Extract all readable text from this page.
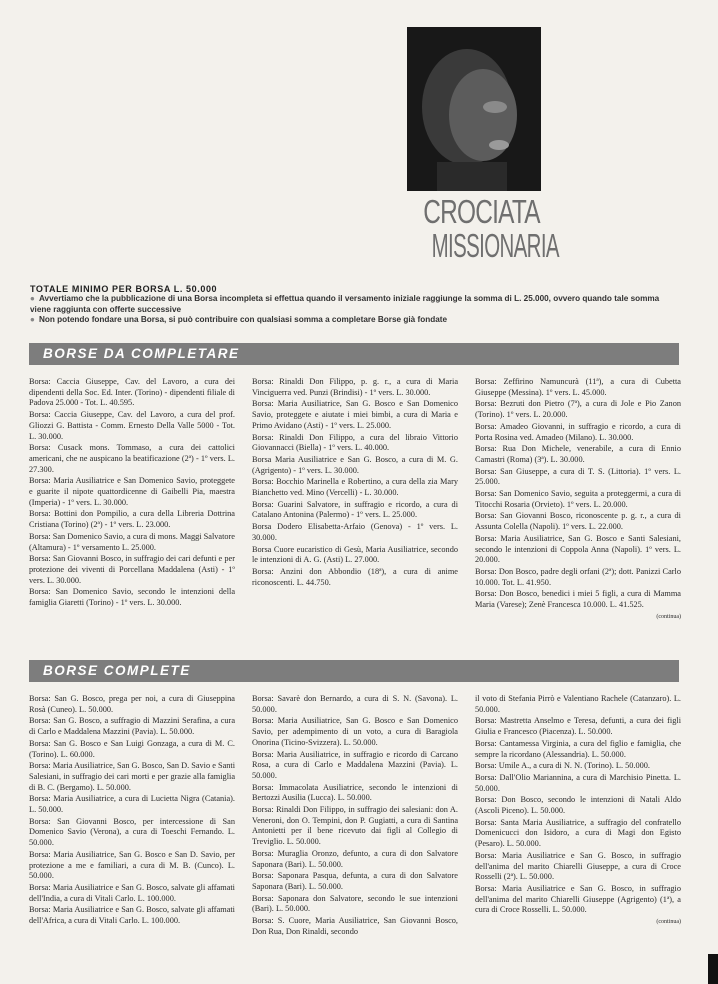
CROCIATA
MISSIONARIA
TOTALE MINIMO PER BORSA L. 50.000
● Avvertiamo che la pubblicazione di una Borsa incompleta si effettua quando il versamento iniziale raggiunge la somma di L. 25.000, ovvero quando tale somma viene raggiunta con offerte successive
● Non potendo fondare una Borsa, si può contribuire con qualsiasi somma a completare Borse già fondate
BORSE DA COMPLETARE

Borsa: Caccia Giuseppe, Cav. del Lavoro, a cura dei dipendenti della Soc. Ed. Inter. (Torino) - dipendenti filiale di Padova 25.000 - Tot. L. 40.595.

Borsa: Caccia Giuseppe, Cav. del Lavoro, a cura del prof. Gliozzi G. Battista - Comm. Ernesto Della Valle 5000 - Tot. L. 30.000.

Borsa: Cusack mons. Tommaso, a cura dei cattolici americani, che ne auspicano la beatificazione (2ª) - 1º vers. L. 27.300.

Borsa: Maria Ausiliatrice e San Domenico Savio, proteggete e guarite il nipote quattordicenne di Gaibelli Pia, maestra (Imperia) - 1º vers. L. 30.000.

Borsa: Bottini don Pompilio, a cura della Libreria Dottrina Cristiana (Torino) (2ª) - 1º vers. L. 23.000.

Borsa: San Domenico Savio, a cura di mons. Maggi Salvatore (Altamura) - 1º versamento L. 25.000.

Borsa: San Giovanni Bosco, in suffragio dei cari defunti e per protezione dei viventi di Porcellana Maddalena (Asti) - 1º vers. L. 30.000.

Borsa: San Domenico Savio, secondo le intenzioni della famiglia Giaretti (Torino) - 1º vers. L. 30.000.

Borsa: Rinaldi Don Filippo, p. g. r., a cura di Maria Vinciguerra ved. Punzi (Brindisi) - 1º vers. L. 30.000.

Borsa: Maria Ausiliatrice, San G. Bosco e San Domenico Savio, proteggete e aiutate i miei bimbi, a cura di Maria e Primo Avidano (Asti) - 1º vers. L. 25.000.

Borsa: Rinaldi Don Filippo, a cura del libraio Vittorio Giovannacci (Biella) - 1º vers. L. 40.000.

Borsa Maria Ausiliatrice e San G. Bosco, a cura di M. G. (Agrigento) - 1º vers. L. 30.000.

Borsa: Bocchio Marinella e Robertino, a cura della zia Mary Bianchetto ved. Mino (Vercelli) - L. 30.000.

Borsa: Guarini Salvatore, in suffragio e ricordo, a cura di Catalano Antonina (Palermo) - 1º vers. L. 25.000.

Borsa Dodero Elisabetta-Arfaio (Genova) - 1º vers. L. 30.000.

Borsa Cuore eucaristico di Gesù, Maria Ausiliatrice, secondo le intenzioni di A. G. (Asti) L. 27.000.

Borsa: Anzini don Abbondio (18ª), a cura di anime riconoscenti. L. 44.750.

Borsa: Zeffirino Namuncurà (11ª), a cura di Cubetta Giuseppe (Messina). 1º vers. L. 45.000.

Borsa: Bezruti don Pietro (7ª), a cura di Jole e Pio Zanon (Torino). 1º vers. L. 20.000.

Borsa: Amadeo Giovanni, in suffragio e ricordo, a cura di Porta Rosina ved. Amadeo (Milano). L. 30.000.

Borsa: Rua Don Michele, venerabile, a cura di Ennio Camastri (Roma) (3ª). L. 30.000.

Borsa: San Giuseppe, a cura di T. S. (Littoria). 1º vers. L. 25.000.

Borsa: San Domenico Savio, seguita a proteggermi, a cura di Titocchi Rosaria (Orvieto). 1º vers. L. 20.000.

Borsa: San Giovanni Bosco, riconoscente p. g. r., a cura di Assunta Colella (Napoli). 1º vers. L. 22.000.

Borsa: Maria Ausiliatrice, San G. Bosco e Santi Salesiani, secondo le intenzioni di Coppola Anna (Napoli). 1º vers. L. 20.000.

Borsa: Don Bosco, padre degli orfani (2ª); dott. Panizzi Carlo 10.000. Tot. L. 41.950.

Borsa: Don Bosco, benedici i miei 5 figli, a cura di Mamma Maria (Varese); Zenè Francesca 10.000. L. 41.525.

(continua)

BORSE COMPLETE

Borsa: San G. Bosco, prega per noi, a cura di Giuseppina Rosà (Cuneo). L. 50.000.

Borsa: San G. Bosco, a suffragio di Mazzini Serafina, a cura di Carlo e Maddalena Mazzini (Pavia). L. 50.000.

Borsa: San G. Bosco e San Luigi Gonzaga, a cura di M. C. (Torino). L. 60.000.

Borsa: Maria Ausiliatrice, San G. Bosco, San D. Savio e Santi Salesiani, in suffragio dei cari morti e per grazie alla famiglia di B. C. (Bergamo). L. 50.000.

Borsa: Maria Ausiliatrice, a cura di Lucietta Nigra (Catania). L. 50.000.

Borsa: San Giovanni Bosco, per intercessione di San Domenico Savio (Verona), a cura di Toeschi Fernando. L. 50.000.

Borsa: Maria Ausiliatrice, San G. Bosco e San D. Savio, per protezione a me e familiari, a cura di M. B. (Cunco). L. 50.000.

Borsa: Maria Ausiliatrice e San G. Bosco, salvate gli affamati dell'India, a cura di Vitali Carlo. L. 100.000.

Borsa: Maria Ausiliatrice e San G. Bosco, salvate gli affamati dell'Africa, a cura di Vitali Carlo. L. 100.000.

Borsa: Savarè don Bernardo, a cura di S. N. (Savona). L. 50.000.

Borsa: Maria Ausiliatrice, San G. Bosco e San Domenico Savio, per adempimento di un voto, a cura di Baragiola Onorina (Ticino-Svizzera). L. 50.000.

Borsa: Maria Ausiliatrice, in suffragio e ricordo di Carcano Rosa, a cura di Carlo e Maddalena Mazzini (Pavia). L. 50.000.

Borsa: Immacolata Ausiliatrice, secondo le intenzioni di Bertozzi Ausilia (Lucca). L. 50.000.

Borsa: Rinaldi Don Filippo, in suffragio dei salesiani: don A. Veneroni, don O. Tempini, don P. Gugiatti, a cura di Santina Antonietti per il bene ricevuto dai figli al Collegio di Treviglio. L. 50.000.

Borsa: Muraglia Oronzo, defunto, a cura di don Salvatore Saponara (Bari). L. 50.000.

Borsa: Saponara Pasqua, defunta, a cura di don Salvatore Saponara (Bari). L. 50.000.

Borsa: Saponara don Salvatore, secondo le sue intenzioni (Bari). L. 50.000.

Borsa: S. Cuore, Maria Ausiliatrice, San Giovanni Bosco, Don Rua, Don Rinaldi, secondo

il voto di Stefania Pirrò e Valentiano Rachele (Catanzaro). L. 50.000.

Borsa: Mastretta Anselmo e Teresa, defunti, a cura dei figli Giulia e Francesco (Piacenza). L. 50.000.

Borsa: Cantamessa Virginia, a cura del figlio e famiglia, che sempre la ricordano (Alessandria). L. 50.000.

Borsa: Umile A., a cura di N. N. (Torino). L. 50.000.

Borsa: Dall'Olio Mariannina, a cura di Marchisio Pinetta. L. 50.000.

Borsa: Don Bosco, secondo le intenzioni di Natali Aldo (Ascoli Piceno). L. 50.000.

Borsa: Santa Maria Ausiliatrice, a suffragio del confratello Domenicucci don Isidoro, a cura di Magi don Egisto (Pesaro). L. 50.000.

Borsa: Maria Ausiliatrice e San G. Bosco, in suffragio dell'anima del marito Chiarelli Giuseppe, a cura di Croce Rosselli (2ª). L. 50.000.

Borsa: Maria Ausiliatrice e San G. Bosco, in suffragio dell'anima del marito Chiarelli Giuseppe (Agrigento) (1ª), a cura di Croce Rosselli. L. 50.000.

(continua)
